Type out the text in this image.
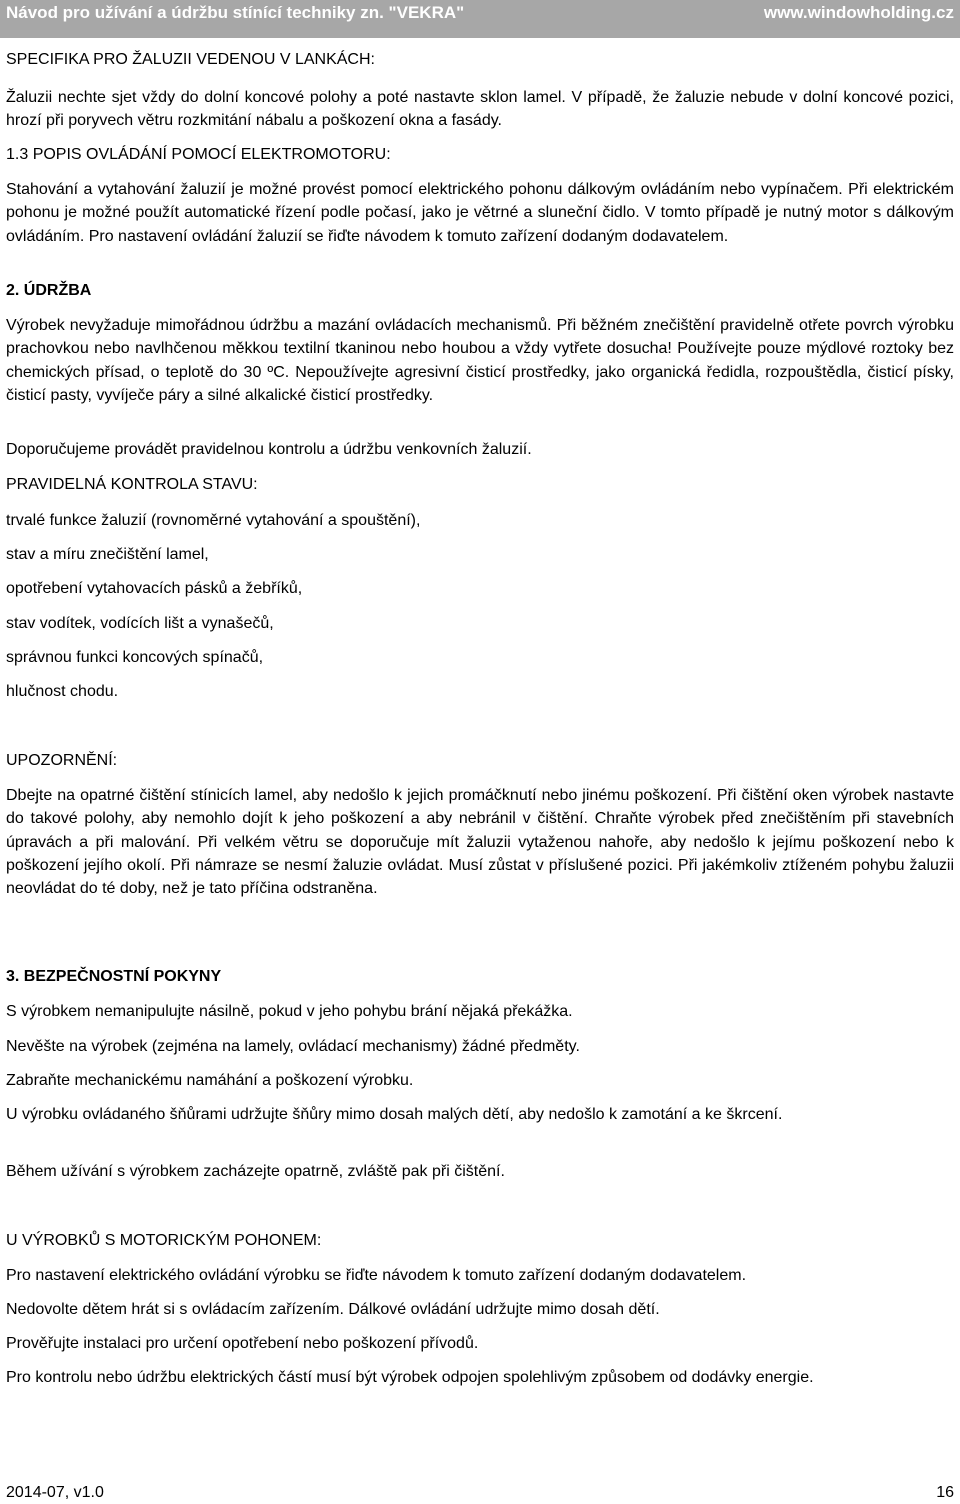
Návod pro užívání a údržbu stínící techniky zn. "VEKRA"	www.windowholding.cz

SPECIFIKA PRO ŽALUZII VEDENOU V LANKÁCH:

Žaluzii nechte sjet vždy do dolní koncové polohy a poté nastavte sklon lamel. V případě, že žaluzie nebude v dolní koncové pozici, hrozí při poryvech větru rozkmitání nábalu a poškození okna a fasády.

1.3 POPIS OVLÁDÁNÍ POMOCÍ ELEKTROMOTORU:

Stahování a vytahování žaluzií je možné provést pomocí elektrického pohonu dálkovým ovládáním nebo vypínačem. Při elektrickém pohonu je možné použít automatické řízení podle počasí, jako je větrné a sluneční čidlo. V tomto případě je nutný motor s dálkovým ovládáním. Pro nastavení ovládání žaluzií se řiďte návodem k tomuto zařízení dodaným dodavatelem.

2. ÚDRŽBA

Výrobek nevyžaduje mimořádnou údržbu a mazání ovládacích mechanismů. Při běžném znečištění pravidelně otřete povrch výrobku prachovkou nebo navlhčenou měkkou textilní tkaninou nebo houbou a vždy vytřete dosucha! Používejte pouze mýdlové roztoky bez chemických přísad, o teplotě do 30 ºC. Nepoužívejte agresivní čisticí prostředky, jako organická ředidla, rozpouštědla, čisticí písky, čisticí pasty, vyvíječe páry a silné alkalické čisticí prostředky.

Doporučujeme provádět pravidelnou kontrolu a údržbu venkovních žaluzií.

PRAVIDELNÁ KONTROLA STAVU:

trvalé funkce žaluzií (rovnoměrné vytahování a spouštění),

stav a míru znečištění lamel,

opotřebení vytahovacích pásků a žebříků,

stav vodítek, vodících lišt a vynašečů,

správnou funkci koncových spínačů,

hlučnost chodu.

UPOZORNĚNÍ:

Dbejte na opatrné čištění stínicích lamel, aby nedošlo k jejich promáčknutí nebo jinému poškození. Při čištění oken výrobek nastavte do takové polohy, aby nemohlo dojít k jeho poškození a aby nebránil v čištění. Chraňte výrobek před znečištěním při stavebních úpravách a při malování. Při velkém větru se doporučuje mít žaluzii vytaženou nahoře, aby nedošlo k jejímu poškození nebo k poškození jejího okolí. Při námraze se nesmí žaluzie ovládat. Musí zůstat v příslušené pozici. Při jakémkoliv ztíženém pohybu žaluzii neovládat do té doby, než je tato příčina odstraněna.

3. BEZPEČNOSTNÍ POKYNY

S výrobkem nemanipulujte násilně, pokud v jeho pohybu brání nějaká překážka.

Nevěšte na výrobek (zejména na lamely, ovládací mechanismy) žádné předměty.

Zabraňte mechanickému namáhání a poškození výrobku.

U výrobku ovládaného šňůrami udržujte šňůry mimo dosah malých dětí, aby nedošlo k zamotání a ke škrcení.

Během užívání s výrobkem zacházejte opatrně, zvláště pak při čištění.

U VÝROBKŮ S MOTORICKÝM POHONEM:

Pro nastavení elektrického ovládání výrobku se řiďte návodem k tomuto zařízení dodaným dodavatelem.

Nedovolte dětem hrát si s ovládacím zařízením. Dálkové ovládání udržujte mimo dosah dětí.

Prověřujte instalaci pro určení opotřebení nebo poškození přívodů.

Pro kontrolu nebo údržbu elektrických částí musí být výrobek odpojen spolehlivým způsobem od dodávky energie.

2014-07, v1.0	16
